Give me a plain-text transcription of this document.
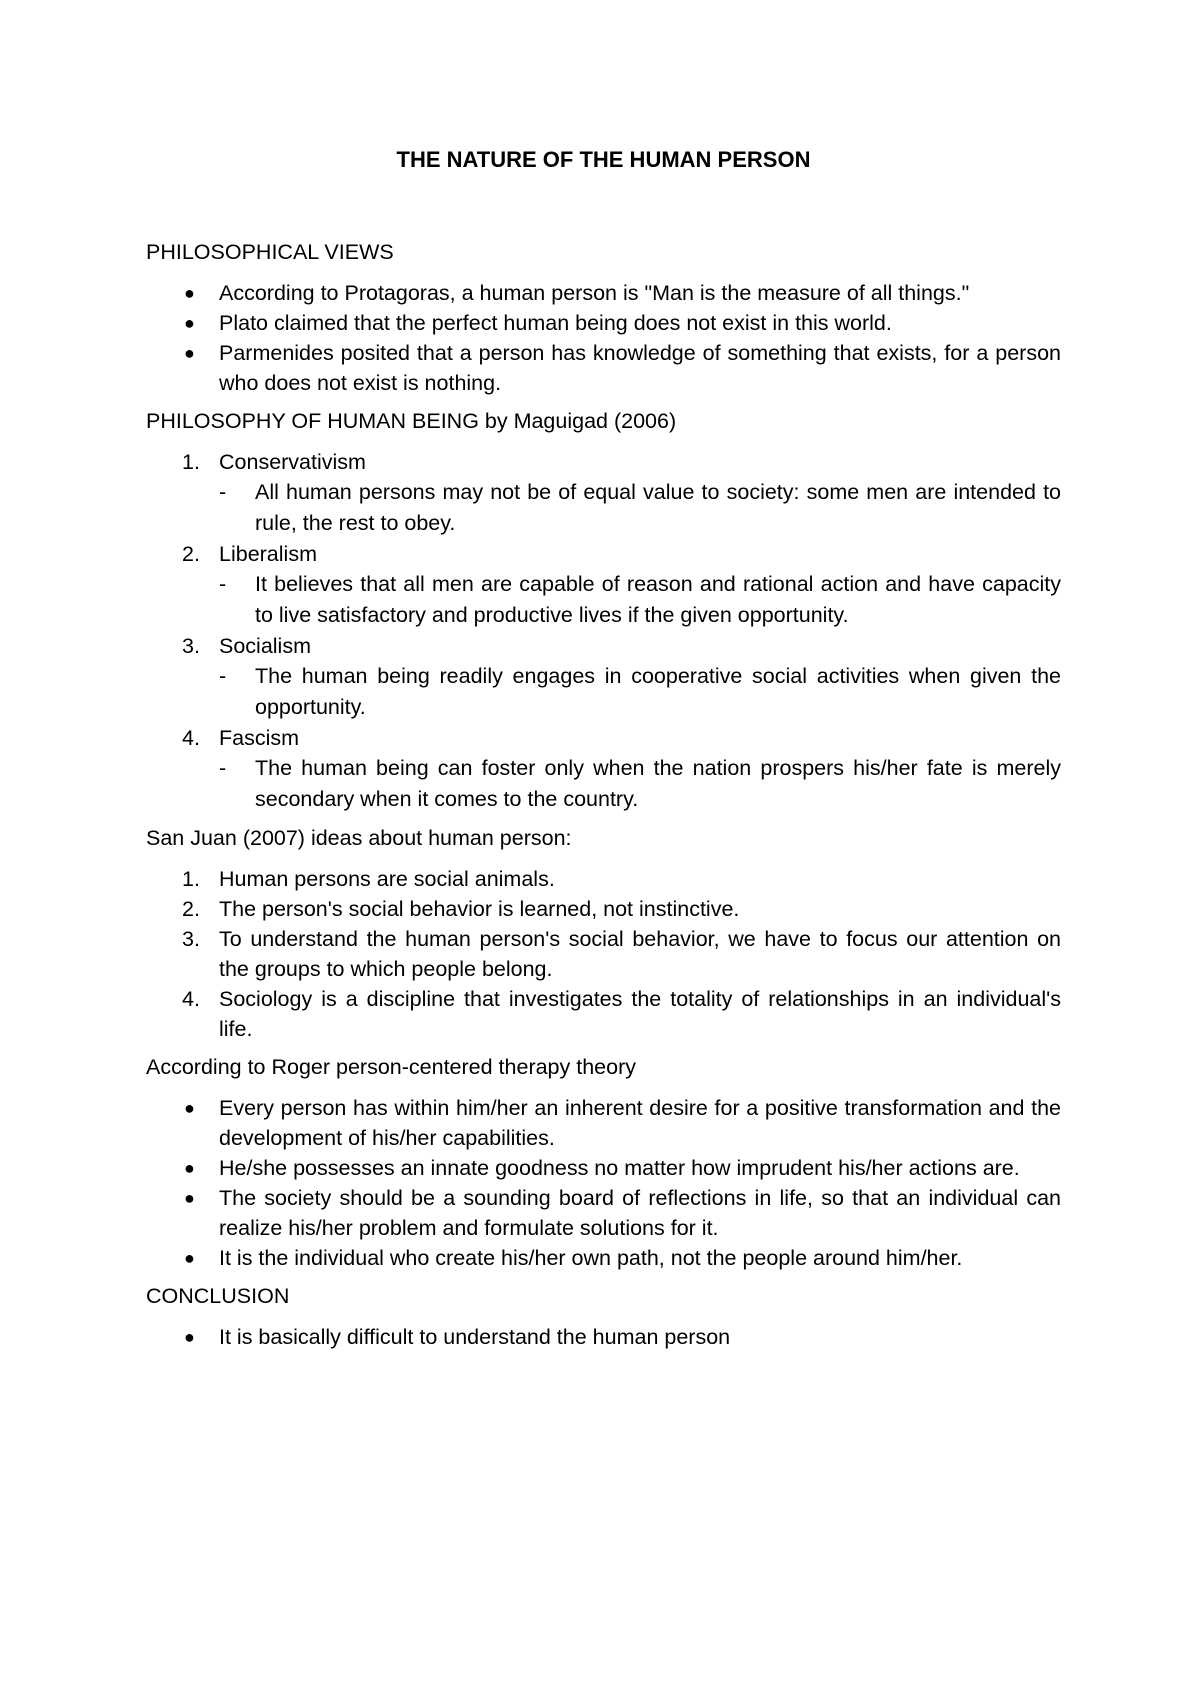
THE NATURE OF THE HUMAN PERSON
PHILOSOPHICAL VIEWS
● According to Protagoras, a human person is "Man is the measure of all things."
● Plato claimed that the perfect human being does not exist in this world.
● Parmenides posited that a person has knowledge of something that exists, for a person who does not exist is nothing.
PHILOSOPHY OF HUMAN BEING by Maguigad (2006)
1. Conservativism
- All human persons may not be of equal value to society: some men are intended to rule, the rest to obey.
2. Liberalism
- It believes that all men are capable of reason and rational action and have capacity to live satisfactory and productive lives if the given opportunity.
3. Socialism
- The human being readily engages in cooperative social activities when given the opportunity.
4. Fascism
- The human being can foster only when the nation prospers his/her fate is merely secondary when it comes to the country.
San Juan (2007) ideas about human person:
1. Human persons are social animals.
2. The person's social behavior is learned, not instinctive.
3. To understand the human person's social behavior, we have to focus our attention on the groups to which people belong.
4. Sociology is a discipline that investigates the totality of relationships in an individual's life.
According to Roger person-centered therapy theory
● Every person has within him/her an inherent desire for a positive transformation and the development of his/her capabilities.
● He/she possesses an innate goodness no matter how imprudent his/her actions are.
● The society should be a sounding board of reflections in life, so that an individual can realize his/her problem and formulate solutions for it.
● It is the individual who create his/her own path, not the people around him/her.
CONCLUSION
● It is basically difficult to understand the human person
